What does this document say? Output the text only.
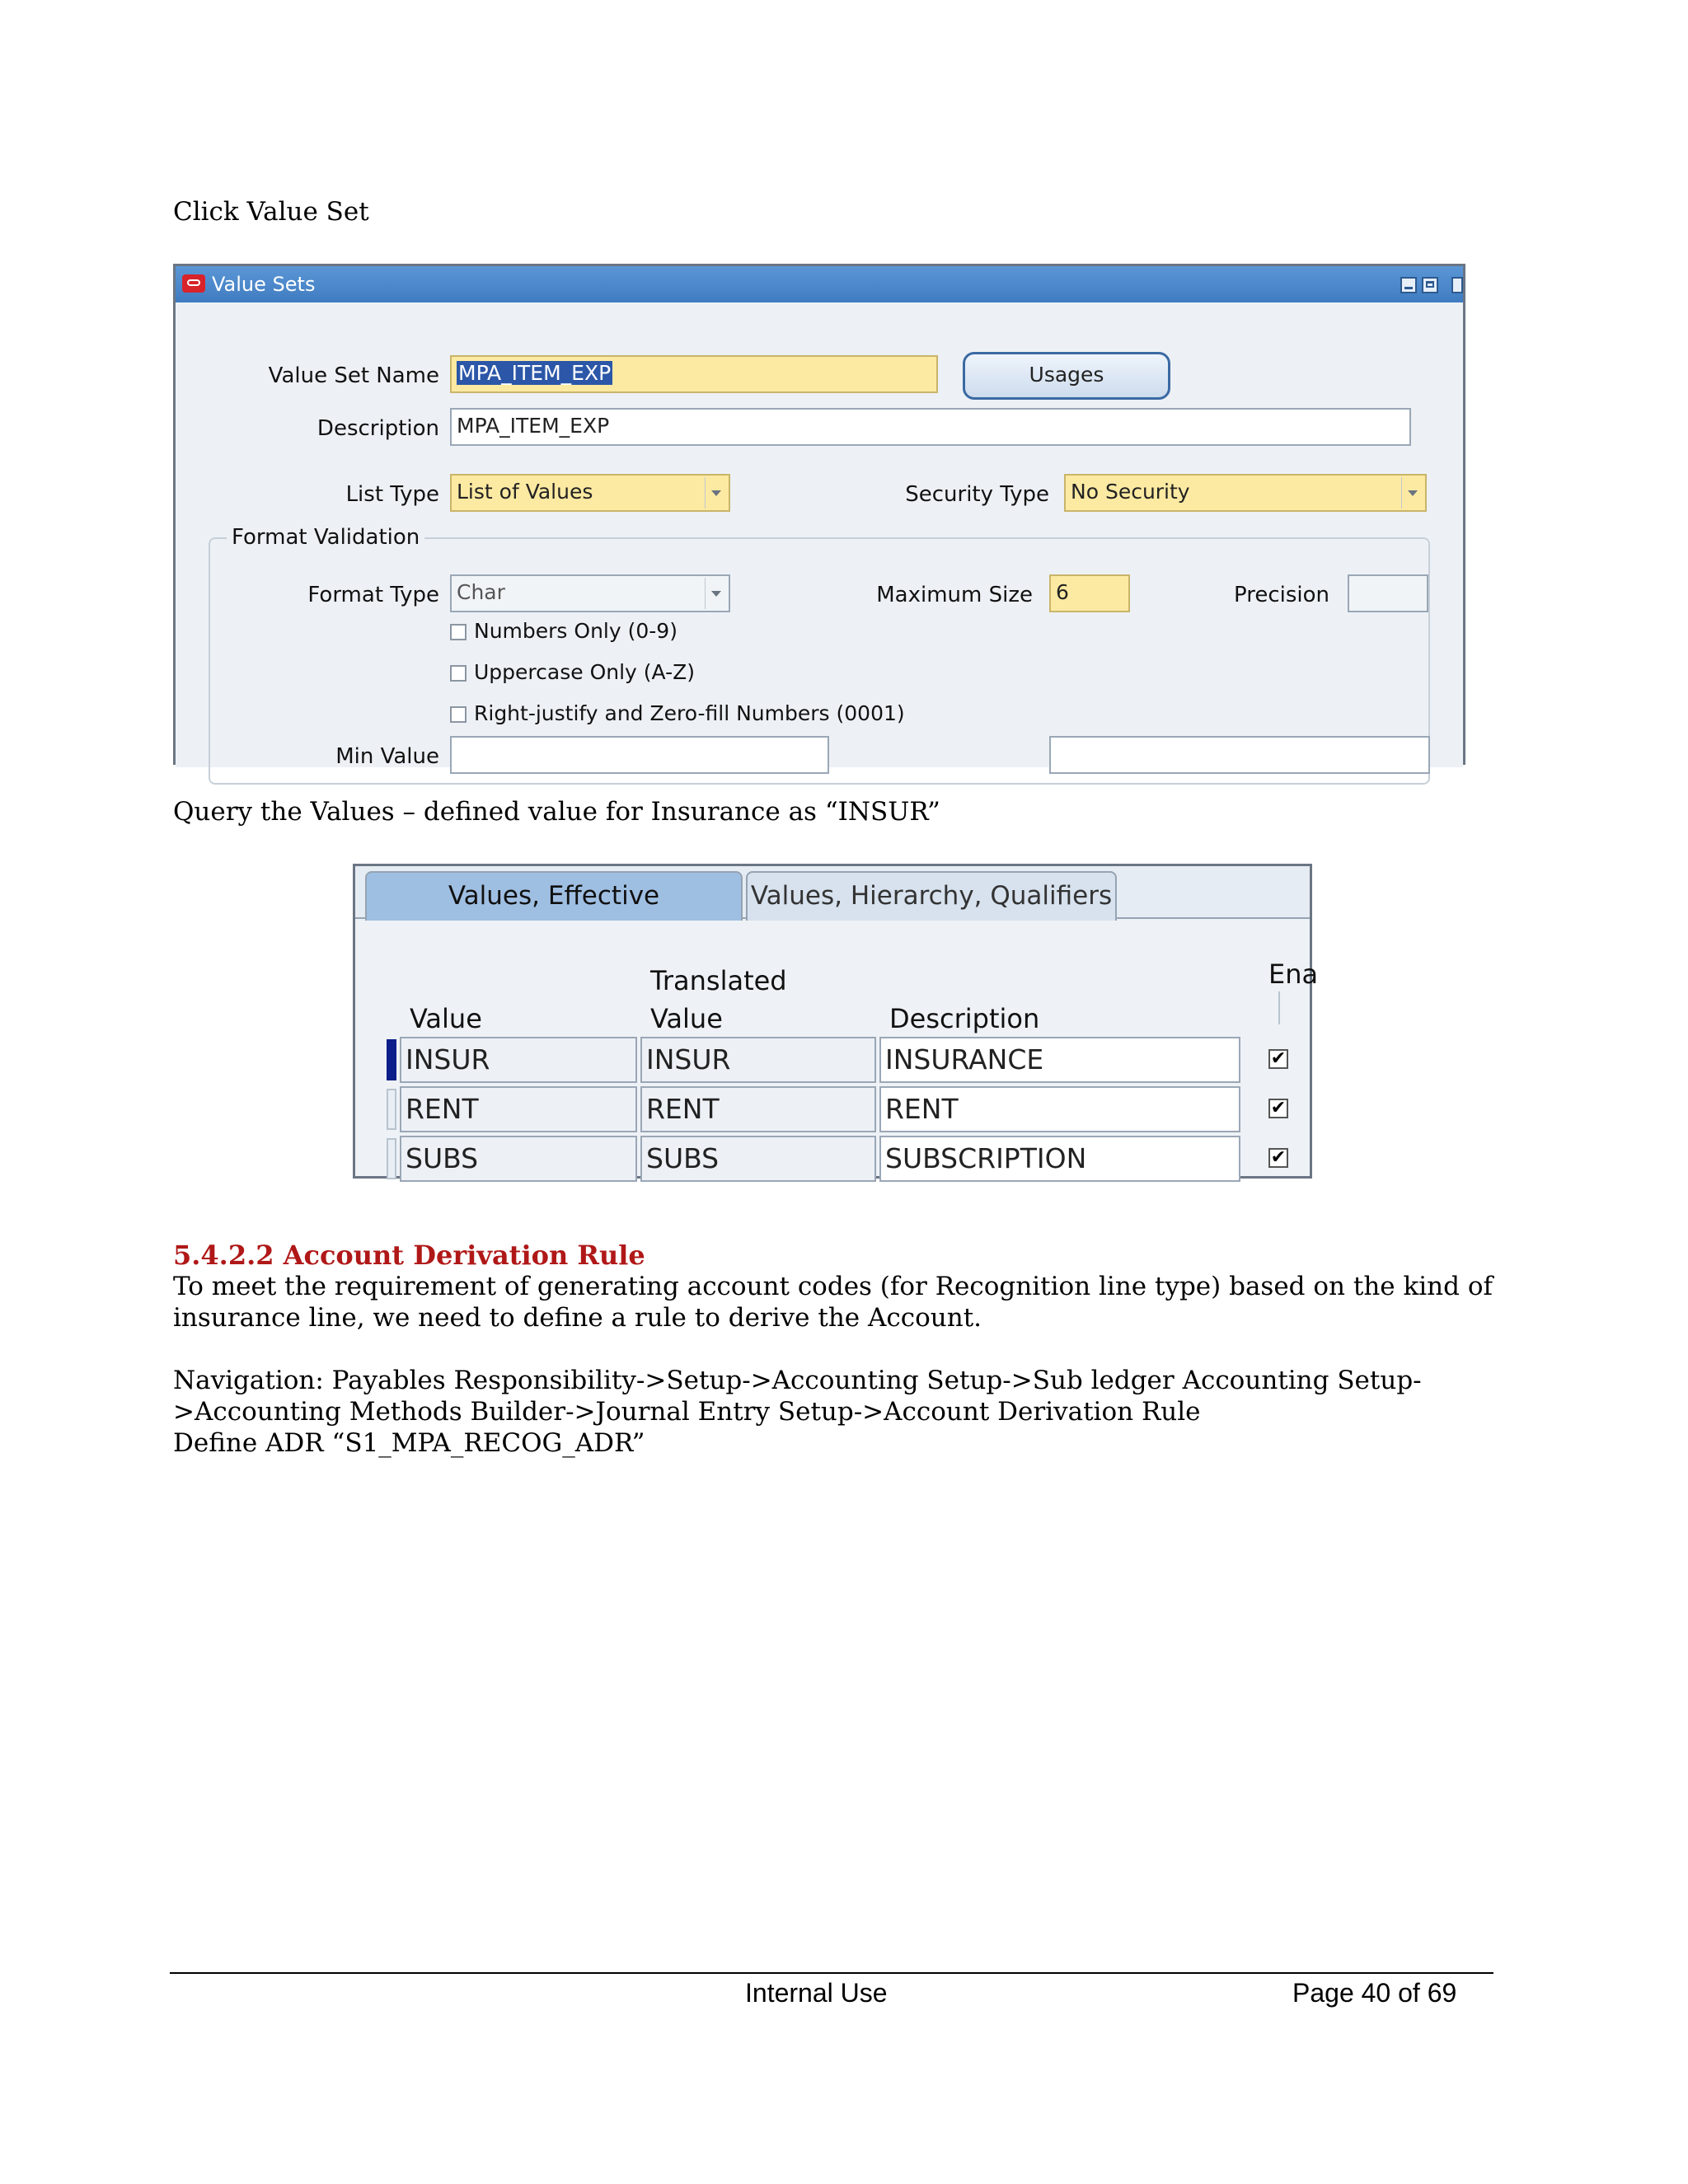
Click Value Set
Value Sets
Value Set Name MPA_ITEM_EXP	Usages
Description MPA_ITEM_EXP
List Type List of Values	Security Type	No Security
Format Validation
Format Type Char	Maximum Size	6	Precision
Numbers Only (0-9)
Uppercase Only (A-Z)
Right-justify and Zero-fill Numbers (0001)
Min Value
Query the Values – defined value for Insurance as “INSUR”
Values, Effective	Values, Hierarchy, Qualifiers
Translated
Value	Value	Description
Ena
INSUR	INSUR	INSURANCE	✔
RENT	RENT	RENT	✔
SUBS	SUBS	SUBSCRIPTION	✔
5.4.2.2 Account Derivation Rule
To meet the requirement of generating account codes (for Recognition line type) based on the kind of
insurance line, we need to define a rule to derive the Account.
Navigation: Payables Responsibility->Setup->Accounting Setup->Sub ledger Accounting Setup-
>Accounting Methods Builder->Journal Entry Setup->Account Derivation Rule
Define ADR “S1_MPA_RECOG_ADR”
Internal Use	Page 40 of 69
